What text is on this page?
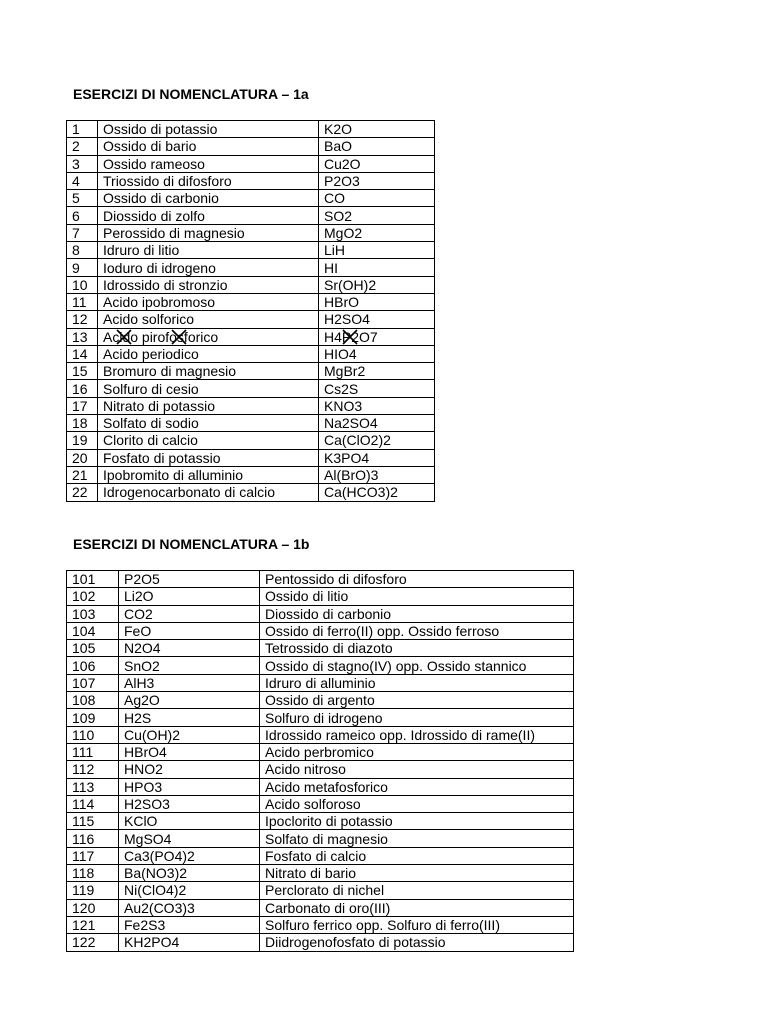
ESERCIZI DI NOMENCLATURA – 1a
1	Ossido di potassio	K2O
2	Ossido di bario	BaO
3	Ossido rameoso	Cu2O
4	Triossido di difosforo	P2O3
5	Ossido di carbonio	CO
6	Diossido di zolfo	SO2
7	Perossido di magnesio	MgO2
8	Idruro di litio	LiH
9	Ioduro di idrogeno	HI
10	Idrossido di stronzio	Sr(OH)2
11	Acido ipobromoso	HBrO
12	Acido solforico	H2SO4
13	Acido pirofosforico	H4P2O7
14	Acido periodico	HIO4
15	Bromuro di magnesio	MgBr2
16	Solfuro di cesio	Cs2S
17	Nitrato di potassio	KNO3
18	Solfato di sodio	Na2SO4
19	Clorito di calcio	Ca(ClO2)2
20	Fosfato di potassio	K3PO4
21	Ipobromito di alluminio	Al(BrO)3
22	Idrogenocarbonato di calcio	Ca(HCO3)2
ESERCIZI DI NOMENCLATURA – 1b
101	P2O5	Pentossido di difosforo
102	Li2O	Ossido di litio
103	CO2	Diossido di carbonio
104	FeO	Ossido di ferro(II) opp. Ossido ferroso
105	N2O4	Tetrossido di diazoto
106	SnO2	Ossido di stagno(IV) opp. Ossido stannico
107	AlH3	Idruro di alluminio
108	Ag2O	Ossido di argento
109	H2S	Solfuro di idrogeno
110	Cu(OH)2	Idrossido rameico opp. Idrossido di rame(II)
111	HBrO4	Acido perbromico
112	HNO2	Acido nitroso
113	HPO3	Acido metafosforico
114	H2SO3	Acido solforoso
115	KClO	Ipoclorito di potassio
116	MgSO4	Solfato di magnesio
117	Ca3(PO4)2	Fosfato di calcio
118	Ba(NO3)2	Nitrato di bario
119	Ni(ClO4)2	Perclorato di nichel
120	Au2(CO3)3	Carbonato di oro(III)
121	Fe2S3	Solfuro ferrico opp. Solfuro di ferro(III)
122	KH2PO4	Diidrogenofosfato di potassio
